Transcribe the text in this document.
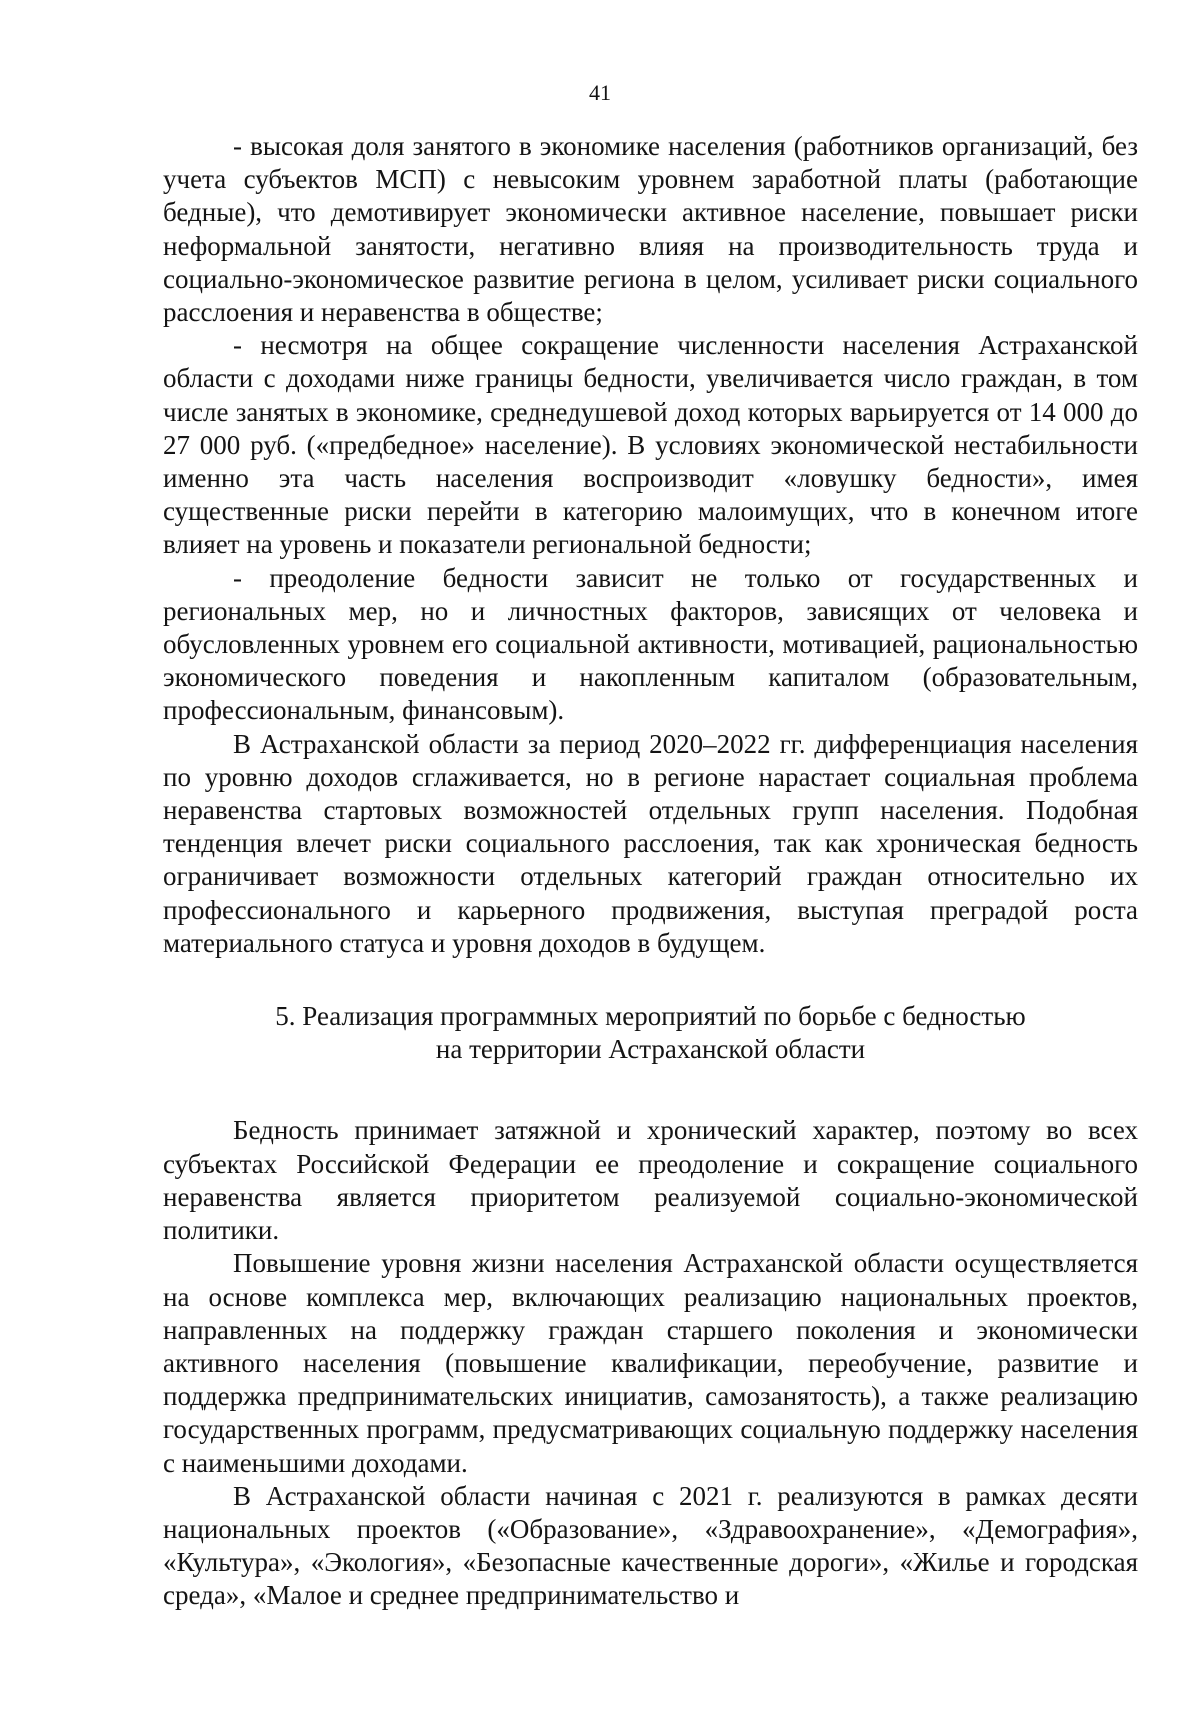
41

- высокая доля занятого в экономике населения (работников организаций, без учета субъектов МСП) с невысоким уровнем заработной платы (работающие бедные), что демотивирует экономически активное население, повышает риски неформальной занятости, негативно влияя на производительность труда и социально-экономическое развитие региона в целом, усиливает риски социального расслоения и неравенства в обществе;

- несмотря на общее сокращение численности населения Астраханской области с доходами ниже границы бедности, увеличивается число граждан, в том числе занятых в экономике, среднедушевой доход которых варьируется от 14 000 до 27 000 руб. («предбедное» население). В условиях экономической нестабильности именно эта часть населения воспроизводит «ловушку бедности», имея существенные риски перейти в категорию малоимущих, что в конечном итоге влияет на уровень и показатели региональной бедности;

- преодоление бедности зависит не только от государственных и региональных мер, но и личностных факторов, зависящих от человека и обусловленных уровнем его социальной активности, мотивацией, рациональностью экономического поведения и накопленным капиталом (образовательным, профессиональным, финансовым).

В Астраханской области за период 2020–2022 гг. дифференциация населения по уровню доходов сглаживается, но в регионе нарастает социальная проблема неравенства стартовых возможностей отдельных групп населения. Подобная тенденция влечет риски социального расслоения, так как хроническая бедность ограничивает возможности отдельных категорий граждан относительно их профессионального и карьерного продвижения, выступая преградой роста материального статуса и уровня доходов в будущем.

5. Реализация программных мероприятий по борьбе с бедностью
на территории Астраханской области

Бедность принимает затяжной и хронический характер, поэтому во всех субъектах Российской Федерации ее преодоление и сокращение социального неравенства является приоритетом реализуемой социально-экономической политики.

Повышение уровня жизни населения Астраханской области осуществляется на основе комплекса мер, включающих реализацию национальных проектов, направленных на поддержку граждан старшего поколения и экономически активного населения (повышение квалификации, переобучение, развитие и поддержка предпринимательских инициатив, самозанятость), а также реализацию государственных программ, предусматривающих социальную поддержку населения с наименьшими доходами.

В Астраханской области начиная с 2021 г. реализуются в рамках десяти национальных проектов («Образование», «Здравоохранение», «Демография», «Культура», «Экология», «Безопасные качественные дороги», «Жилье и городская среда», «Малое и среднее предпринимательство и
